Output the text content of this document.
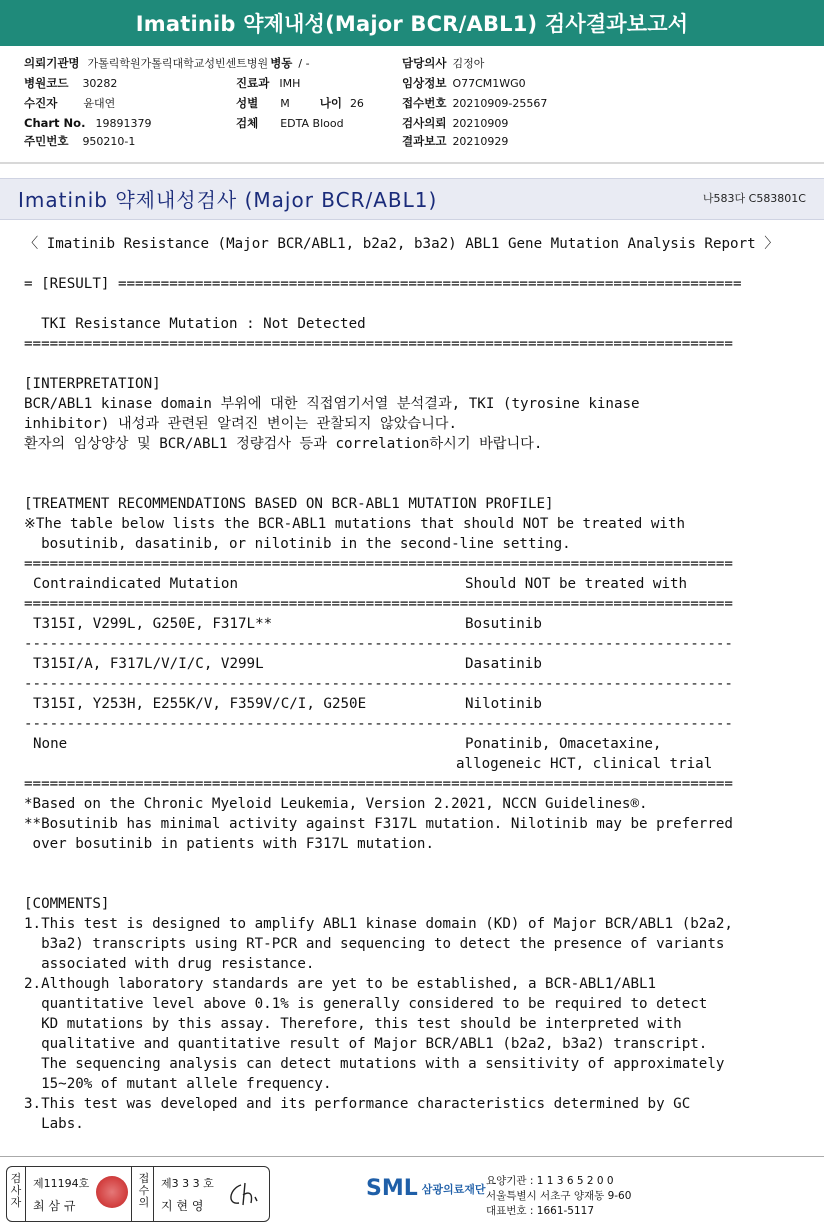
Imatinib 약제내성(Major BCR/ABL1) 검사결과보고서
의뢰기관명 가톨릭학원가톨릭대학교성빈센트병원 병동 / -
병원코드 30282	진료과 IMH
수진자 윤대연	성별 M	나이 26
Chart No. 19891379	검체 EDTA Blood
주민번호 950210-1
담당의사 김정아
임상정보 O77CM1WG0
접수번호 20210909-25567
검사의뢰 20210909
결과보고 20210929
Imatinib 약제내성검사 (Major BCR/ABL1)	나583다 C583801C
〈 Imatinib Resistance (Major BCR/ABL1, b2a2, b3a2) ABL1 Gene Mutation Analysis Report 〉
= [RESULT] =========================================================================
TKI Resistance Mutation : Not Detected
===================================================================================
[INTERPRETATION]
BCR/ABL1 kinase domain 부위에 대한 직접염기서열 분석결과, TKI (tyrosine kinase
inhibitor) 내성과 관련된 알려진 변이는 관찰되지 않았습니다.
환자의 임상양상 및 BCR/ABL1 정량검사 등과 correlation하시기 바랍니다.
[TREATMENT RECOMMENDATIONS BASED ON BCR-ABL1 MUTATION PROFILE]
※The table below lists the BCR-ABL1 mutations that should NOT be treated with
bosutinib, dasatinib, or nilotinib in the second-line setting.
===================================================================================
Contraindicated Mutation	Should NOT be treated with
===================================================================================
T315I, V299L, G250E, F317L**	Bosutinib
-----------------------------------------------------------------------------------
T315I/A, F317L/V/I/C, V299L	Dasatinib
-----------------------------------------------------------------------------------
T315I, Y253H, E255K/V, F359V/C/I, G250E	Nilotinib
-----------------------------------------------------------------------------------
None	Ponatinib, Omacetaxine,
allogeneic HCT, clinical trial
===================================================================================
*Based on the Chronic Myeloid Leukemia, Version 2.2021, NCCN Guidelines®.
**Bosutinib has minimal activity against F317L mutation. Nilotinib may be preferred
over bosutinib in patients with F317L mutation.
[COMMENTS]
1.This test is designed to amplify ABL1 kinase domain (KD) of Major BCR/ABL1 (b2a2,
b3a2) transcripts using RT-PCR and sequencing to detect the presence of variants
associated with drug resistance.
2.Although laboratory standards are yet to be established, a BCR-ABL1/ABL1
quantitative level above 0.1% is generally considered to be required to detect
KD mutations by this assay. Therefore, this test should be interpreted with
qualitative and quantitative result of Major BCR/ABL1 (b2a2, b3a2) transcript.
The sequencing analysis can detect mutations with a sensitivity of approximately
15~20% of mutant allele frequency.
3.This test was developed and its performance characteristics determined by GC
Labs.
검사자
제11194호
최 삼 규
접수의
제3 3 3 호
지 현 영
SML 삼광의료재단
요양기관 : 1 1 3 6 5 2 0 0
서울특별시 서초구 양재동 9-60
대표번호 : 1661-5117
